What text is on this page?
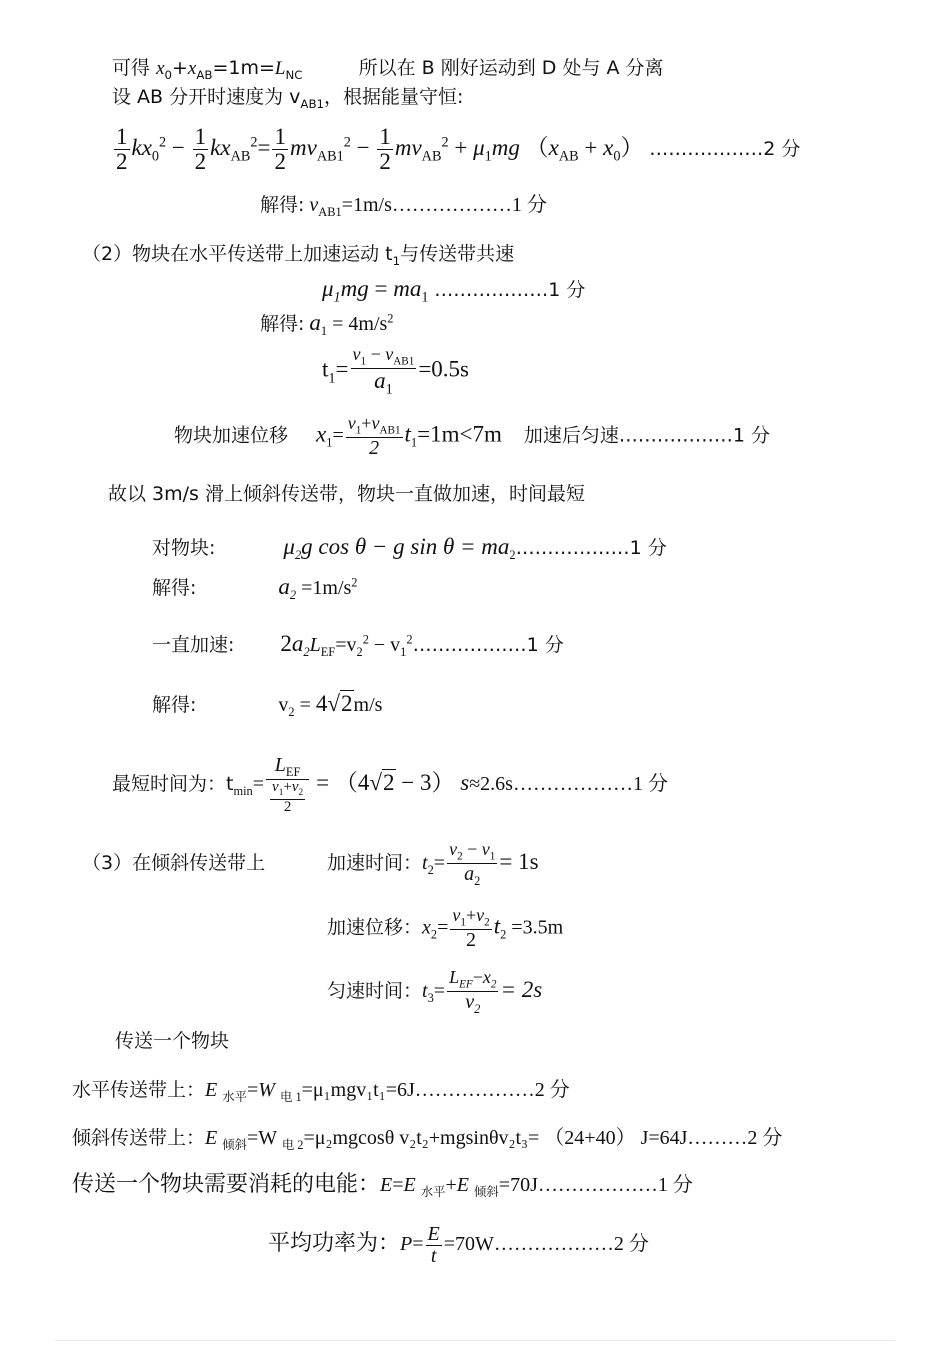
可得 $x_0+x_{AB}=1m=L_{NC}$	所以在 B 刚好运动到 D 处与 A 分离
设 AB 分开时速度为 $v_{AB1}$，根据能量守恒:
$\frac{1}{2} kx_0^2 - \frac{1}{2} kx_{AB}^2= \frac{1}{2} mv_{AB1}^2 - \frac{1}{2} mv_{AB}^2 + \mu_1mg$ $(x_{AB} + x_0)$ ………………2 分
解得: $v_{AB1}=1m/s\dots\dots\dots\dots\dots\dots 1$ 分
（2）物块在水平传送带上加速运动 $t_1$与传送带共速
$\mu_1mg = ma_1$ ………………1 分
解得: $a_1 = 4m/s^2$
$t_1= \frac{v_1 - v_{AB1}}{a_1} =0.5s$
物块加速位移 $x_1= \frac{v_1+v_{AB1}}{2} t_1=1m<7m$ 加速后匀速………………1 分
故以 3m/s 滑上倾斜传送带，物块一直做加速，时间最短
对物块:	$\mu_2g$ cos θ − g $\sin \theta = ma_2\dots\dots\dots\dots\dots\dots 1$ 分
解得:	$a_2 =1m/s^2$
一直加速: $2a_2L_{EF}=v_2^2$ − $v_1^2\dots\dots\dots\dots\dots\dots 1$ 分
解得:	$v_2 = 4√2m/s$
最短时间为：$t_{min}= \frac{L_{EF}}{\frac{v_1+v_2}{2}} = (4√2 - 3)$ s≈2.6s………………1 分
（3）在倾斜传送带上	加速时间：$t_2= \frac{v_2 - v_1}{a_2} = 1s$
加速位移：$x_2= \frac{v_1+v_2}{2} t_2 =3.5m$
匀速时间：$t_3= \frac{L_{EF}-x_2}{v_2} = 2s$
传送一个物块
水平传送带上：E $_{水平}$=W $_{电 1}$=μ₁mgv₁t₁=6J………………2 分
倾斜传送带上：E $_{倾斜}$=W $_{电 2}$=μ₂mgcosθ v₂t₂+mgsinθv₂t₃= （24+40） J=64J………2 分
传送一个物块需要消耗的电能：E=E $_{水平}$+E $_{倾斜}$=70J………………1 分
平均功率为：$P= \frac{E}{t}$ =70W………………2 分
